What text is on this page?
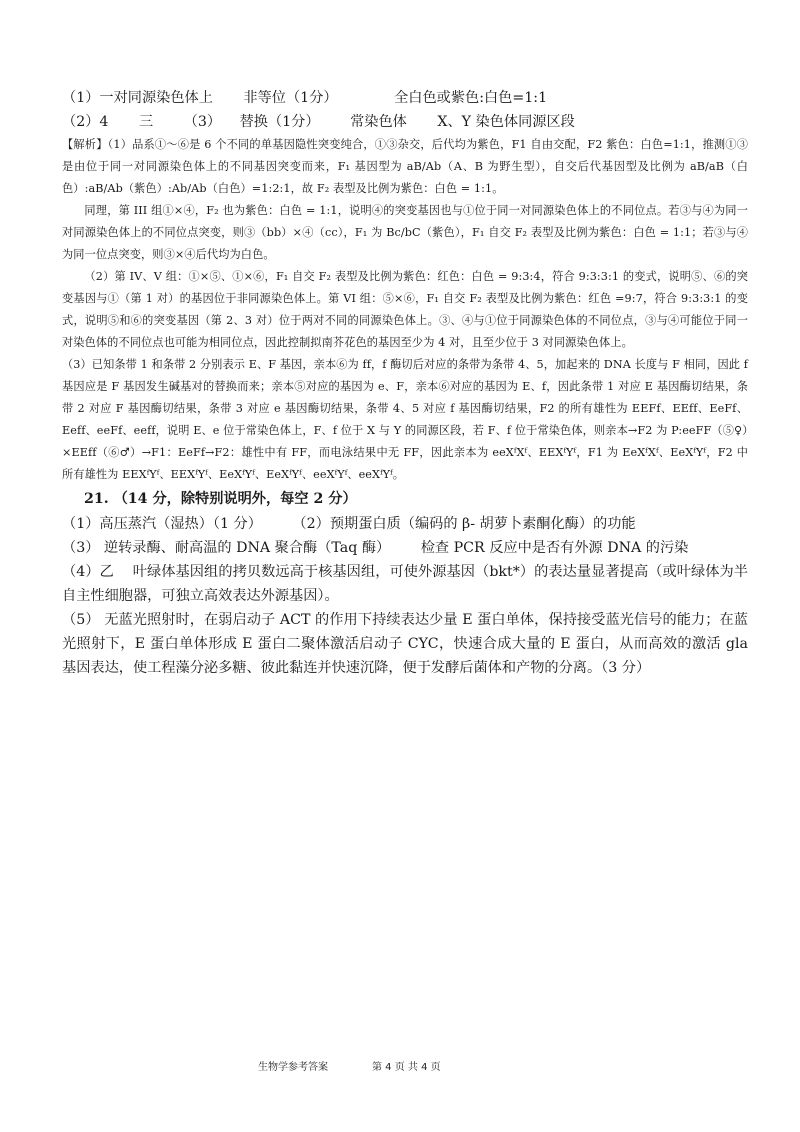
（1）一对同源染色体上 非等位（1分）	全白色或紫色:白色=1:1
（2）4 三 （3） 替换（1分） 常染色体 X、Y 染色体同源区段
【解析】（1）品系①～⑥是 6 个不同的单基因隐性突变纯合，①③杂交，后代均为紫色，F1 自由交配，F2 紫色：白色=1:1，推测①③是由位于同一对同源染色体上的不同基因突变而来，F₁ 基因型为 aB/Ab（A、B 为野生型），自交后代基因型及比例为 aB/aB（白色）:aB/Ab（紫色）:Ab/Ab（白色）=1:2:1，故 F₂ 表型及比例为紫色：白色 = 1:1。
同理，第 III 组①×④，F₂ 也为紫色：白色 = 1:1，说明④的突变基因也与①位于同一对同源染色体上的不同位点。若③与④为同一对同源染色体上的不同位点突变，则③（bb）×④（cc），F₁ 为 Bc/bC（紫色），F₁ 自交 F₂ 表型及比例为紫色：白色 = 1:1；若③与④为同一位点突变，则③×④后代均为白色。
（2）第 IV、V 组：①×⑤、①×⑥，F₁ 自交 F₂ 表型及比例为紫色：红色：白色 = 9:3:4，符合 9:3:3:1 的变式，说明⑤、⑥的突变基因与①（第 1 对）的基因位于非同源染色体上。第 VI 组：⑤×⑥，F₁ 自交 F₂ 表型及比例为紫色：红色 =9:7，符合 9:3:3:1 的变式，说明⑤和⑥的突变基因（第 2、3 对）位于两对不同的同源染色体上。③、④与①位于同源染色体的不同位点，③与④可能位于同一对染色体的不同位点也可能为相同位点，因此控制拟南芥花色的基因至少为 4 对，且至少位于 3 对同源染色体上。
（3）已知条带 1 和条带 2 分别表示 E、F 基因，亲本⑥为 ff，f 酶切后对应的条带为条带 4、5，加起来的 DNA 长度与 F 相同，因此 f 基因应是 F 基因发生碱基对的替换而来；亲本⑤对应的基因为 e、F，亲本⑥对应的基因为 E、f，因此条带 1 对应 E 基因酶切结果，条带 2 对应 F 基因酶切结果，条带 3 对应 e 基因酶切结果，条带 4、5 对应 f 基因酶切结果，F2 的所有雄性为 EEFf、EEff、EeFf、Eeff、eeFf、eeff，说明 E、e 位于常染色体上，F、f 位于 X 与 Y 的同源区段，若 F、f 位于常染色体，则亲本→F2 为 P:eeFF（⑤♀）×EEff（⑥♂）→F1：EeFf→F2：雄性中有 FF，而电泳结果中无 FF，因此亲本为 eeXᶠXᶠ、EEXᶠYᶠ，F1 为 EeXᶠXᶠ、EeXᶠYᶠ，F2 中所有雄性为 EEXᶠYᶠ、EEXᶠYᶠ、EeXᶠYᶠ、EeXᶠYᶠ、eeXᶠYᶠ、eeXᶠYᶠ。
21. （14 分，除特别说明外，每空 2 分）
（1）高压蒸汽（湿热）（1 分） （2）预期蛋白质（编码的 β- 胡萝卜素酮化酶）的功能
（3） 逆转录酶、耐高温的 DNA 聚合酶（Taq 酶） 检查 PCR 反应中是否有外源 DNA 的污染
（4）乙　 叶绿体基因组的拷贝数远高于核基因组，可使外源基因（bkt*）的表达量显著提高（或叶绿体为半自主性细胞器，可独立高效表达外源基因）。
（5） 无蓝光照射时，在弱启动子 ACT 的作用下持续表达少量 E 蛋白单体，保持接受蓝光信号的能力；在蓝光照射下，E 蛋白单体形成 E 蛋白二聚体激活启动子 CYC，快速合成大量的 E 蛋白，从而高效的激活 gla 基因表达，使工程藻分泌多糖、彼此黏连并快速沉降，便于发酵后菌体和产物的分离。（3 分）
生物学参考答案	第 4 页 共 4 页
